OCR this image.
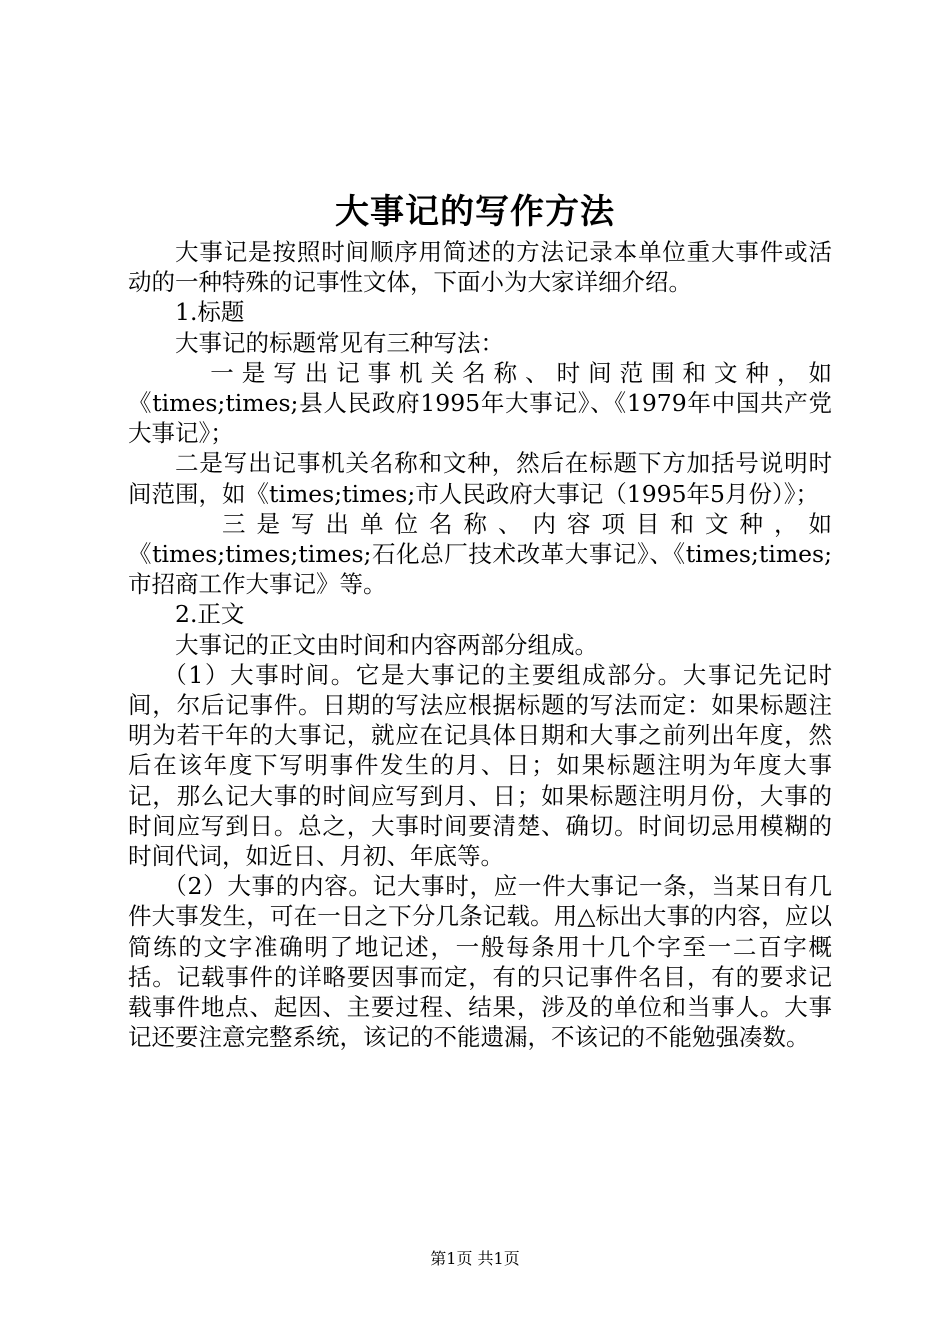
大事记的写作方法

大事记是按照时间顺序用简述的方法记录本单位重大事件或活动的一种特殊的记事性文体，下面小为大家详细介绍。

1.标题

大事记的标题常见有三种写法：

一是写出记事机关名称、时间范围和文种，如《times;times;县人民政府1995年大事记》、《1979年中国共产党大事记》；

二是写出记事机关名称和文种，然后在标题下方加括号说明时间范围，如《times;times;市人民政府大事记（1995年5月份）》；

三是写出单位名称、内容项目和文种，如《times;times;times;石化总厂技术改革大事记》、《times;times;市招商工作大事记》等。

2.正文

大事记的正文由时间和内容两部分组成。

（1）大事时间。它是大事记的主要组成部分。大事记先记时间，尔后记事件。日期的写法应根据标题的写法而定：如果标题注明为若干年的大事记，就应在记具体日期和大事之前列出年度，然后在该年度下写明事件发生的月、日；如果标题注明为年度大事记，那么记大事的时间应写到月、日；如果标题注明月份，大事的时间应写到日。总之，大事时间要清楚、确切。时间切忌用模糊的时间代词，如近日、月初、年底等。

（2）大事的内容。记大事时，应一件大事记一条，当某日有几件大事发生，可在一日之下分几条记载。用△标出大事的内容，应以简练的文字准确明了地记述，一般每条用十几个字至一二百字概括。记载事件的详略要因事而定，有的只记事件名目，有的要求记载事件地点、起因、主要过程、结果，涉及的单位和当事人。大事记还要注意完整系统，该记的不能遗漏，不该记的不能勉强凑数。

第1页 共1页
